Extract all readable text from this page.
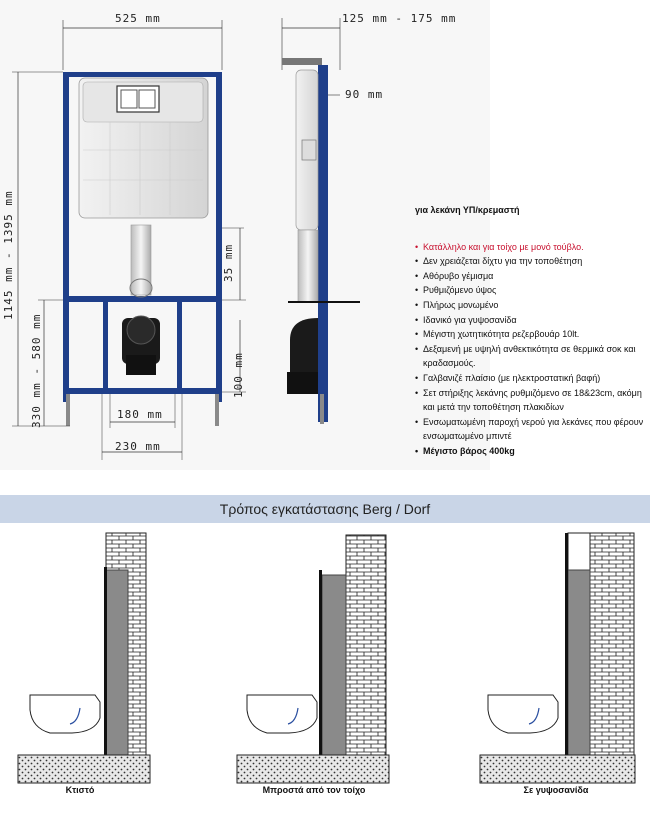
525 mm	125 mm - 175 mm
90 mm
1145 mm - 1395 mm
330 mm - 580 mm
35 mm
100 mm
180 mm
230 mm
για λεκάνη ΥΠ/κρεμαστή
• Κατάλληλο και για τοίχο με μονό τούβλο.
• Δεν χρειάζεται δίχτυ για την τοποθέτηση
• Αθόρυβο γέμισμα
• Ρυθμιζόμενο ύψος
• Πλήρως μονωμένο
• Ιδανικό για γυψοσανίδα
• Μέγιστη χωτητικότητα ρεζερβουάρ 10lt.
• Δεξαμενή με υψηλή ανθεκτικότητα σε θερμικά σοκ και κραδασμούς.
• Γαλβανιζέ πλαίσιο (με ηλεκτροστατική βαφή)
• Σετ στήριξης λεκάνης ρυθμιζόμενο σε 18&23cm, ακόμη και μετά την τοποθέτηση πλακιδίων
• Ενσωματωμένη παροχή νερού για λεκάνες που φέρουν ενσωματωμένο μπιντέ
• Μέγιστο βάρος 400kg
Τρόπος εγκατάστασης Berg / Dorf
Κτιστό	Μπροστά από τον τοίχο	Σε γυψοσανίδα
